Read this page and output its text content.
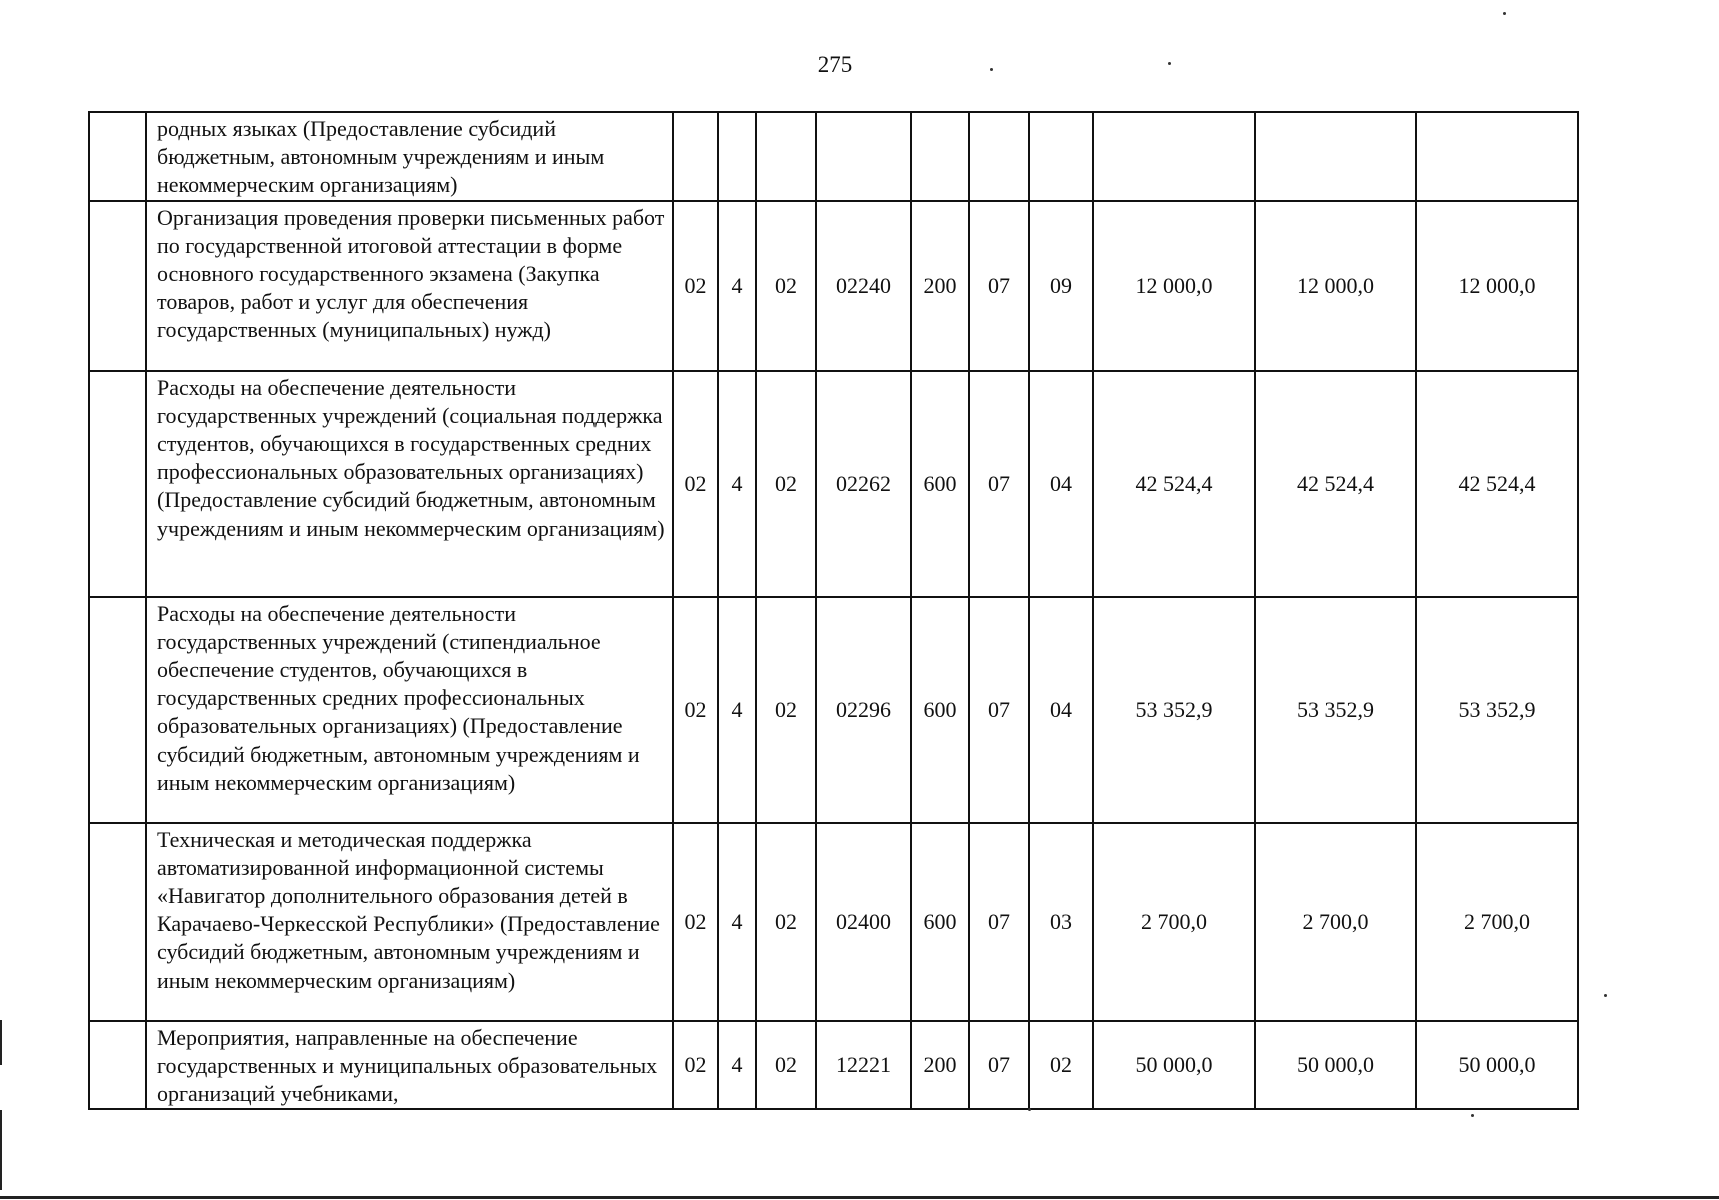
275
	родных языках (Предоставление субсидий бюджетным, автономным учреждениям и иным некоммерческим организациям)										
	Организация проведения проверки письменных работ по государственной итоговой аттестации в форме основного государственного экзамена (Закупка товаров, работ и услуг для обеспечения государственных (муниципальных) нужд)	02	4	02	02240	200	07	09	12 000,0	12 000,0	12 000,0
	Расходы на обеспечение деятельности государственных учреждений (социальная поддержка студентов, обучающихся в государственных средних профессиональных образовательных организациях) (Предоставление субсидий бюджетным, автономным учреждениям и иным некоммерческим организациям)	02	4	02	02262	600	07	04	42 524,4	42 524,4	42 524,4
	Расходы на обеспечение деятельности государственных учреждений (стипендиальное обеспечение студентов, обучающихся в государственных средних профессиональных образовательных организациях) (Предоставление субсидий бюджетным, автономным учреждениям и иным некоммерческим организациям)	02	4	02	02296	600	07	04	53 352,9	53 352,9	53 352,9
	Техническая и методическая поддержка автоматизированной информационной системы «Навигатор дополнительного образования детей в Карачаево-Черкесской Республики» (Предоставление субсидий бюджетным, автономным учреждениям и иным некоммерческим организациям)	02	4	02	02400	600	07	03	2 700,0	2 700,0	2 700,0
	Мероприятия, направленные на обеспечение государственных и муниципальных образовательных организаций учебниками,	02	4	02	12221	200	07	02	50 000,0	50 000,0	50 000,0
